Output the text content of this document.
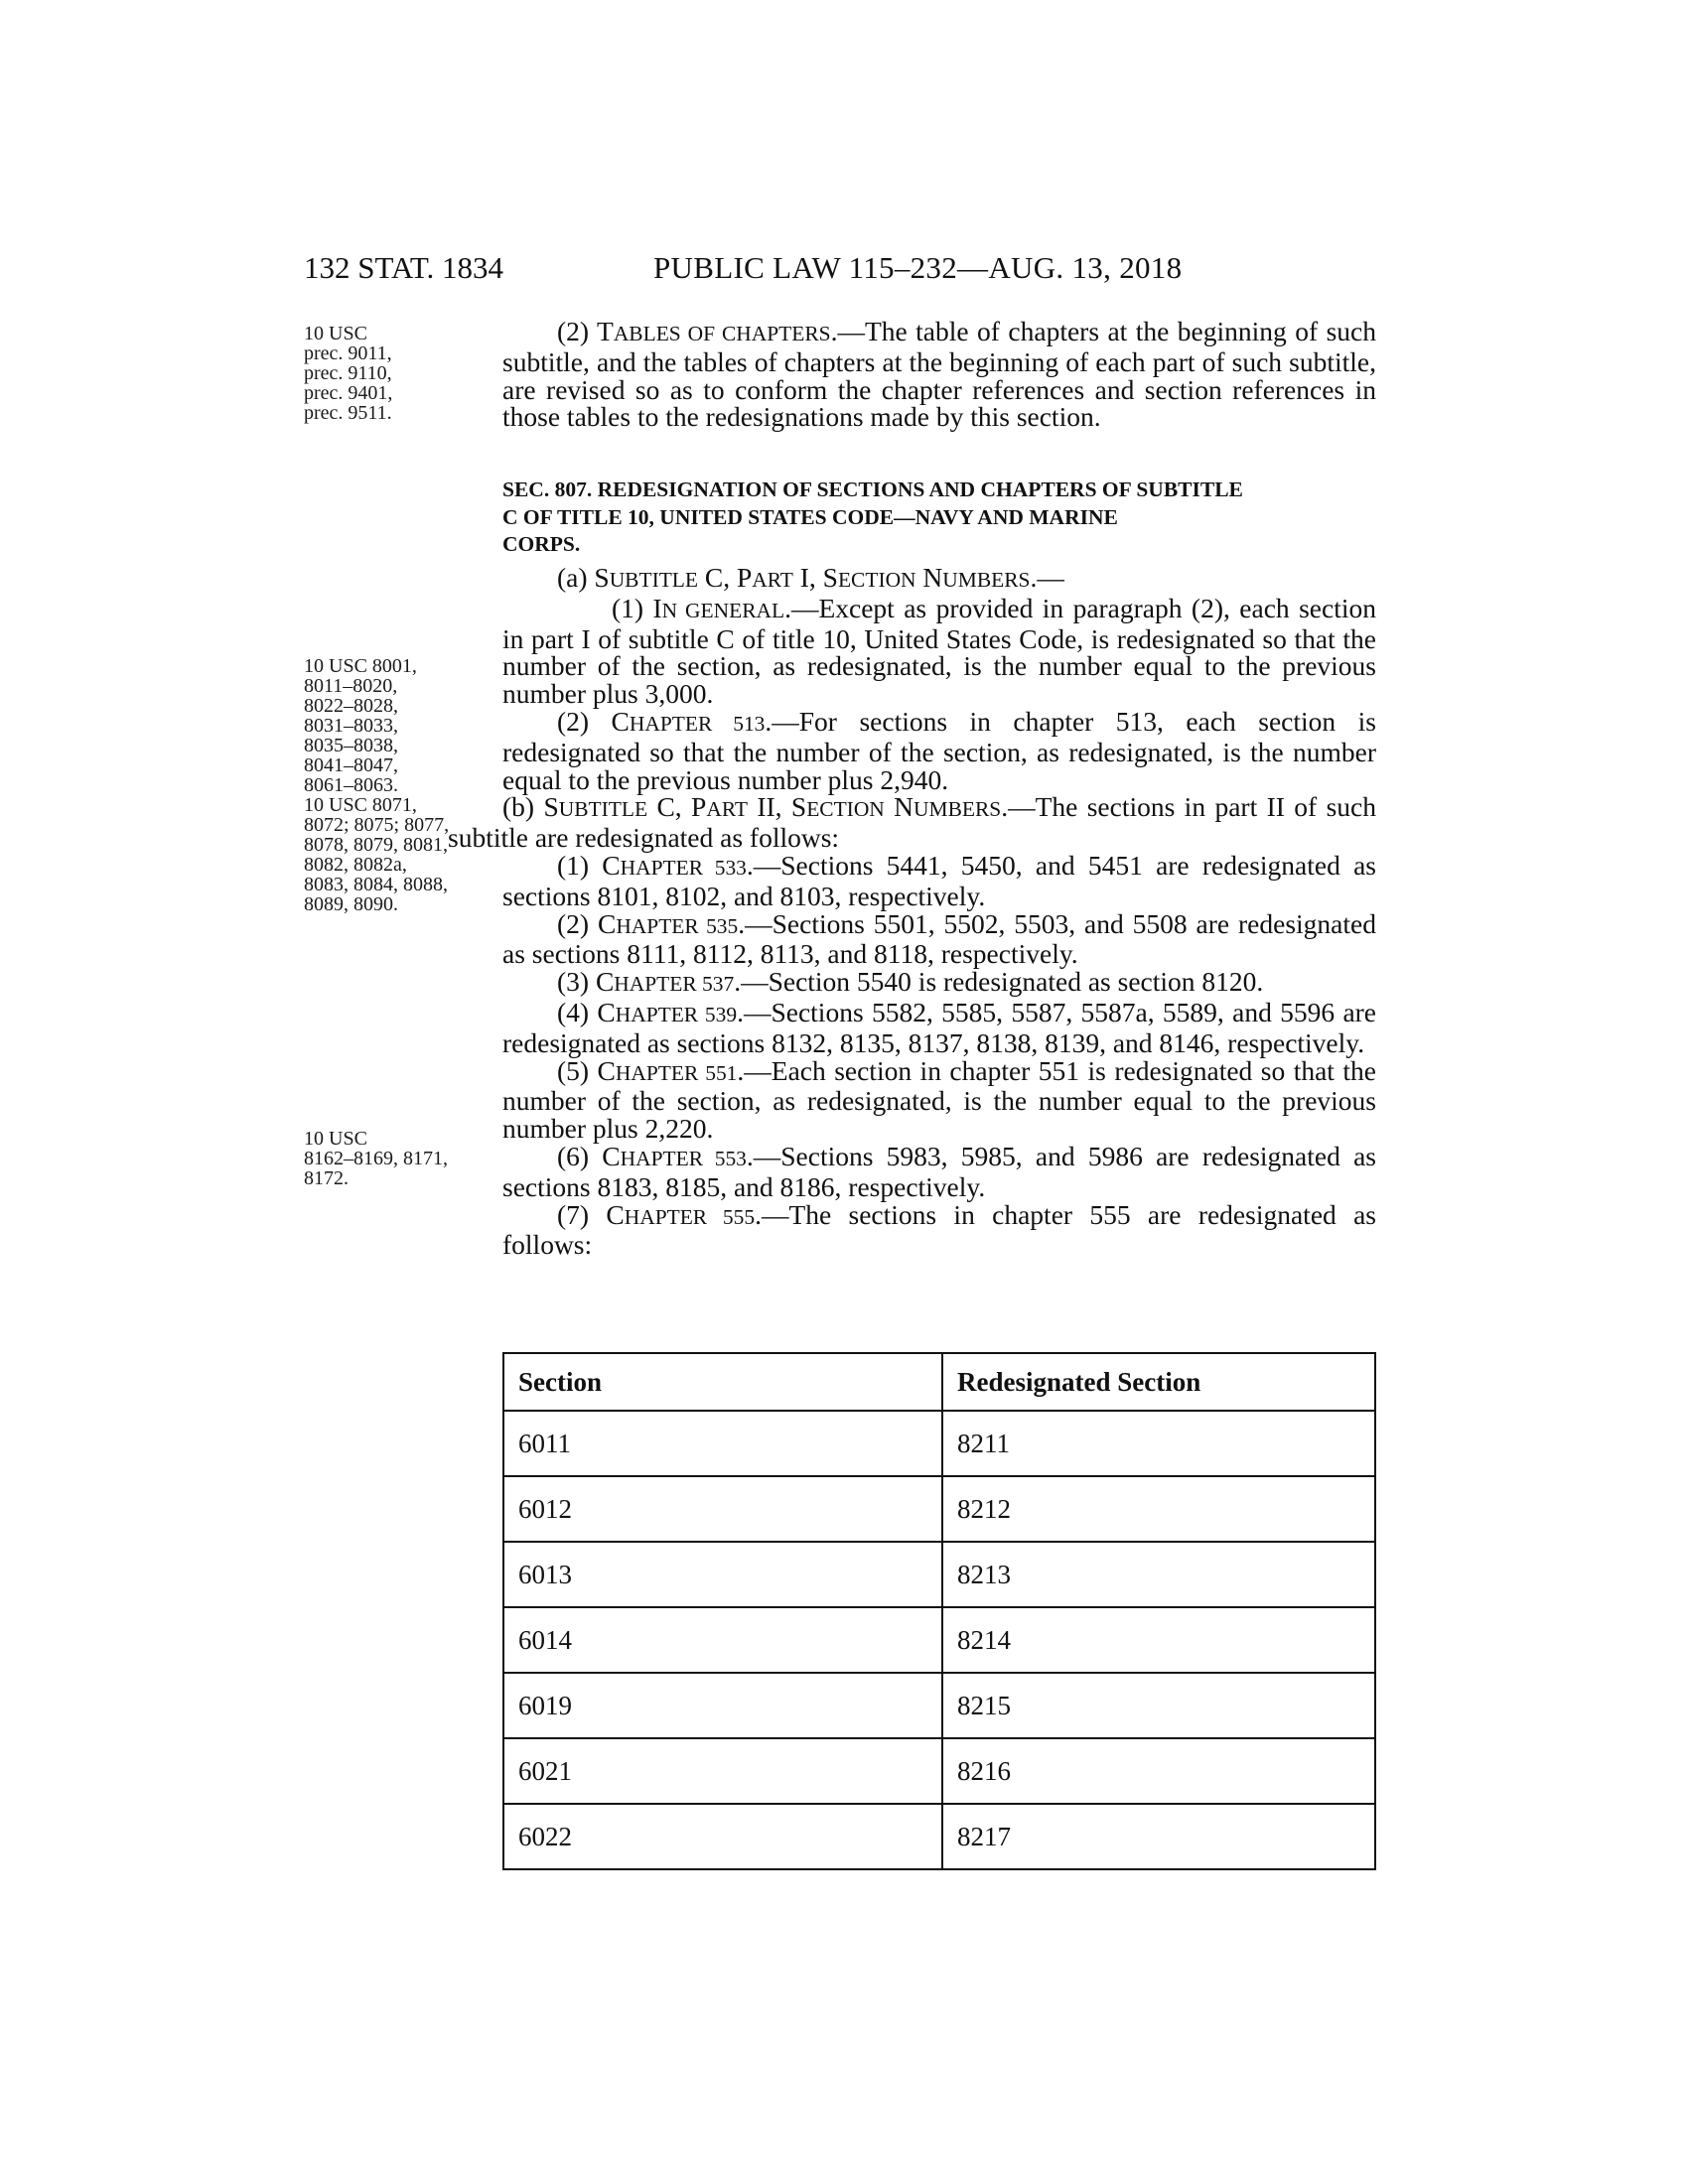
132 STAT. 1834	PUBLIC LAW 115–232—AUG. 13, 2018
10 USC
prec. 9011,
prec. 9110,
prec. 9401,
prec. 9511.
10 USC 8001,
8011–8020,
8022–8028,
8031–8033,
8035–8038,
8041–8047,
8061–8063.
10 USC 8071,
8072; 8075; 8077,
8078, 8079, 8081,
8082, 8082a,
8083, 8084, 8088,
8089, 8090.
10 USC
8162–8169, 8171,
8172.
(2) TABLES OF CHAPTERS.—The table of chapters at the beginning of such subtitle, and the tables of chapters at the beginning of each part of such subtitle, are revised so as to conform the chapter references and section references in those tables to the redesignations made by this section.
SEC. 807. REDESIGNATION OF SECTIONS AND CHAPTERS OF SUBTITLE
C OF TITLE 10, UNITED STATES CODE—NAVY AND MARINE
CORPS.
(a) SUBTITLE C, PART I, SECTION NUMBERS.—
(1) IN GENERAL.—Except as provided in paragraph (2), each section in part I of subtitle C of title 10, United States Code, is redesignated so that the number of the section, as redesignated, is the number equal to the previous number plus 3,000.
(2) CHAPTER 513.—For sections in chapter 513, each section is redesignated so that the number of the section, as redesignated, is the number equal to the previous number plus 2,940.
(b) SUBTITLE C, PART II, SECTION NUMBERS.—The sections in part II of such subtitle are redesignated as follows:
(1) CHAPTER 533.—Sections 5441, 5450, and 5451 are redesignated as sections 8101, 8102, and 8103, respectively.
(2) CHAPTER 535.—Sections 5501, 5502, 5503, and 5508 are redesignated as sections 8111, 8112, 8113, and 8118, respectively.
(3) CHAPTER 537.—Section 5540 is redesignated as section 8120.
(4) CHAPTER 539.—Sections 5582, 5585, 5587, 5587a, 5589, and 5596 are redesignated as sections 8132, 8135, 8137, 8138, 8139, and 8146, respectively.
(5) CHAPTER 551.—Each section in chapter 551 is redesignated so that the number of the section, as redesignated, is the number equal to the previous number plus 2,220.
(6) CHAPTER 553.—Sections 5983, 5985, and 5986 are redesignated as sections 8183, 8185, and 8186, respectively.
(7) CHAPTER 555.—The sections in chapter 555 are redesignated as follows:
Section	Redesignated Section
6011	8211
6012	8212
6013	8213
6014	8214
6019	8215
6021	8216
6022	8217
